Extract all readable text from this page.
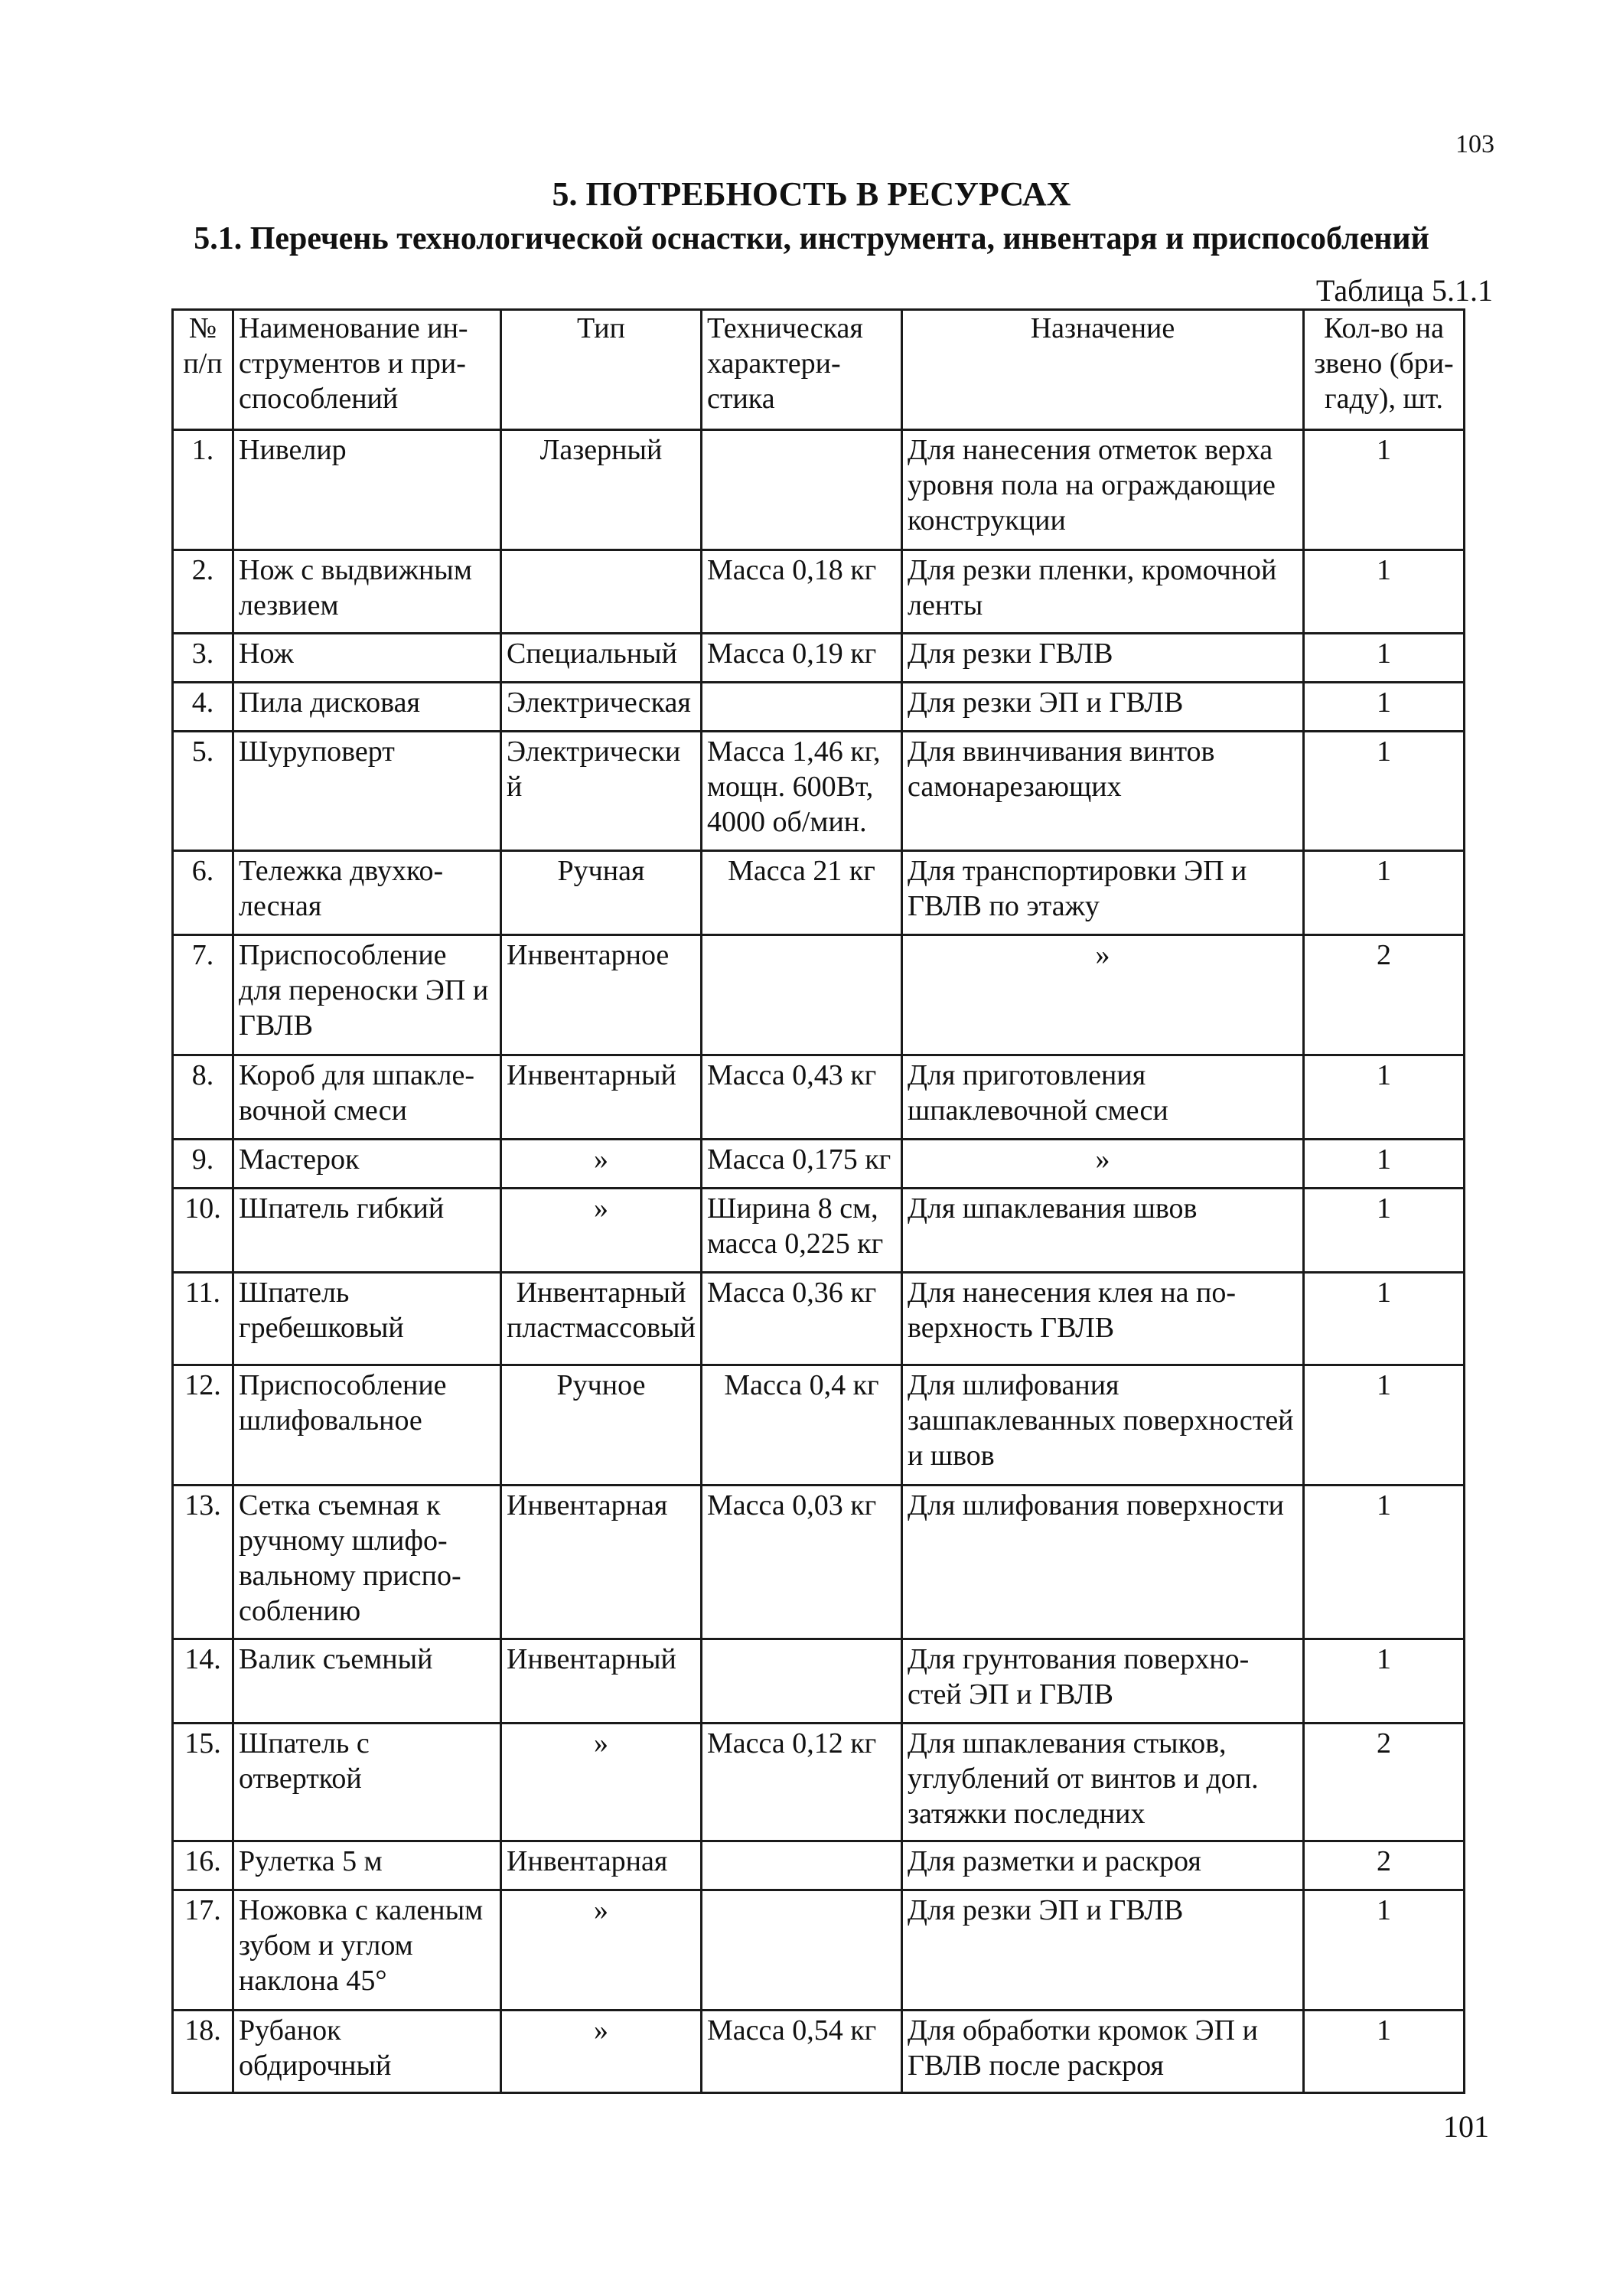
103
5. ПОТРЕБНОСТЬ В РЕСУРСАХ
5.1. Перечень технологической оснастки, инструмента, инвентаря и приспособлений
Таблица 5.1.1
№ п/п	Наименование ин-струментов и при-способлений	Тип	Техническая характери-стика	Назначение	Кол-во на звено (бри-гаду), шт.
1.	Нивелир	Лазерный		Для нанесения отметок верха уровня пола на ограждающие конструкции	1
2.	Нож с выдвижным лезвием		Масса 0,18 кг	Для резки пленки, кромочной ленты	1
3.	Нож	Специальный	Масса 0,19 кг	Для резки ГВЛВ	1
4.	Пила дисковая	Электрическая		Для резки ЭП и ГВЛВ	1
5.	Шуруповерт	Электрический	Масса 1,46 кг, мощн. 600Вт, 4000 об/мин.	Для ввинчивания винтов самонарезающих	1
6.	Тележка двухко-лесная	Ручная	Масса 21 кг	Для транспортировки ЭП и ГВЛВ по этажу	1
7.	Приспособление для переноски ЭП и ГВЛВ	Инвентарное		»	2
8.	Короб для шпакле-вочной смеси	Инвентарный	Масса 0,43 кг	Для приготовления шпаклевочной смеси	1
9.	Мастерок	»	Масса 0,175 кг	»	1
10.	Шпатель гибкий	»	Ширина 8 см, масса 0,225 кг	Для шпаклевания швов	1
11.	Шпатель гребешковый	Инвентарный пластмассовый	Масса 0,36 кг	Для нанесения клея на по-верхность ГВЛВ	1
12.	Приспособление шлифовальное	Ручное	Масса 0,4 кг	Для шлифования зашпаклеванных поверхностей и швов	1
13.	Сетка съемная к ручному шлифо-вальному приспо-соблению	Инвентарная	Масса 0,03 кг	Для шлифования поверхности	1
14.	Валик съемный	Инвентарный		Для грунтования поверхно-стей ЭП и ГВЛВ	1
15.	Шпатель с отверткой	»	Масса 0,12 кг	Для шпаклевания стыков, углублений от винтов и доп. затяжки последних	2
16.	Рулетка 5 м	Инвентарная		Для разметки и раскроя	2
17.	Ножовка с каленым зубом и углом наклона 45°	»		Для резки ЭП и ГВЛВ	1
18.	Рубанок обдирочный	»	Масса 0,54 кг	Для обработки кромок ЭП и ГВЛВ после раскроя	1
101
